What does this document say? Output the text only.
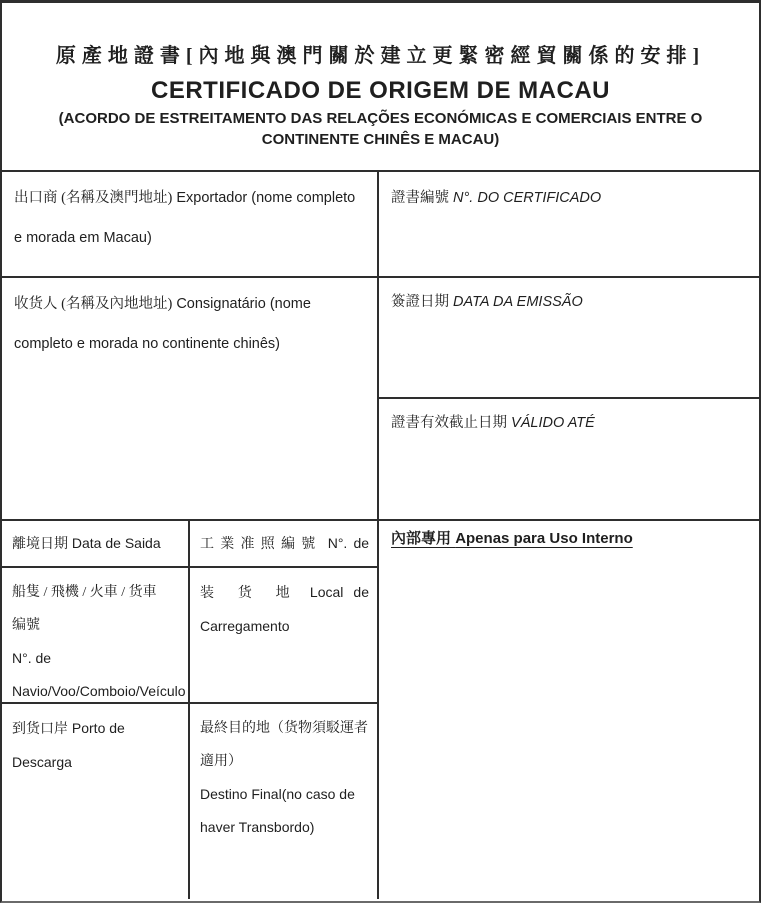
原產地證書[內地與澳門關於建立更緊密經貿關係的安排]
CERTIFICADO DE ORIGEM DE MACAU
(ACORDO DE ESTREITAMENTO DAS RELAÇÕES ECONÓMICAS E COMERCIAIS ENTRE O CONTINENTE CHINÊS E MACAU)
出口商 (名稱及澳門地址) Exportador (nome completo e morada em Macau)
收货人 (名稱及內地地址) Consignatário (nome completo e morada no continente chinês)
離境日期 Data de Saida	工業准照編號 N°. de
船隻 / 飛機 / 火車 / 货車
编號
N°. de
Navio/Voo/Comboio/Veículo
装 货 地 Local de Carregamento
到货口岸 Porto de Descarga
最終目的地（货物須駁運者適用）
Destino Final(no caso de haver Transbordo)
證書編號 N°. DO CERTIFICADO
簽證日期 DATA DA EMISSÃO
證書有效截止日期 VÁLIDO ATÉ
內部專用 Apenas para Uso Interno
